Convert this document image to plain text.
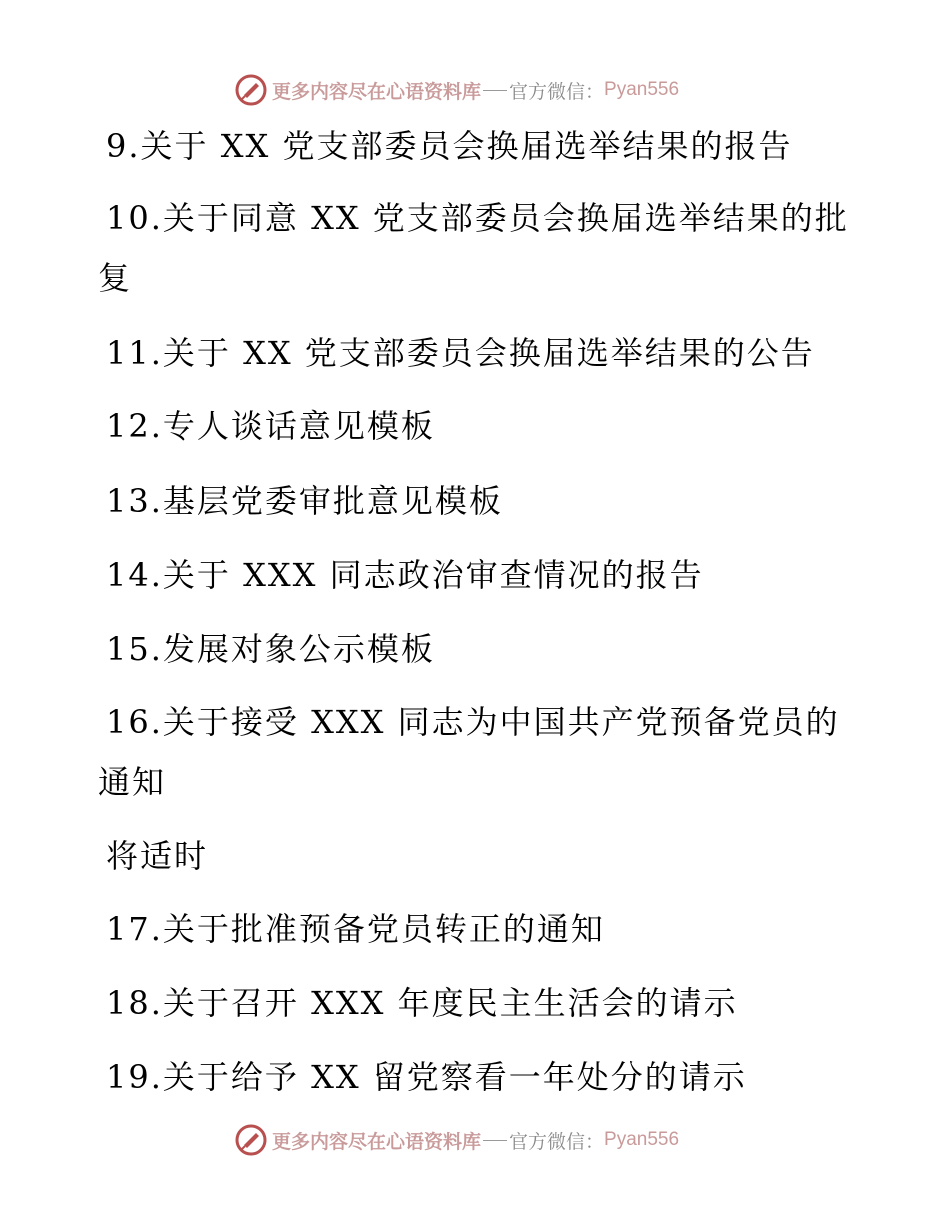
更多内容尽在心语资料库 官方微信： Pyan556
9.关于 XX 党支部委员会换届选举结果的报告
10.关于同意 XX 党支部委员会换届选举结果的批
复
11.关于 XX 党支部委员会换届选举结果的公告
12.专人谈话意见模板
13.基层党委审批意见模板
14.关于 XXX 同志政治审查情况的报告
15.发展对象公示模板
16.关于接受 XXX 同志为中国共产党预备党员的
通知
将适时
17.关于批准预备党员转正的通知
18.关于召开 XXX 年度民主生活会的请示
19.关于给予 XX 留党察看一年处分的请示
更多内容尽在心语资料库 官方微信： Pyan556
